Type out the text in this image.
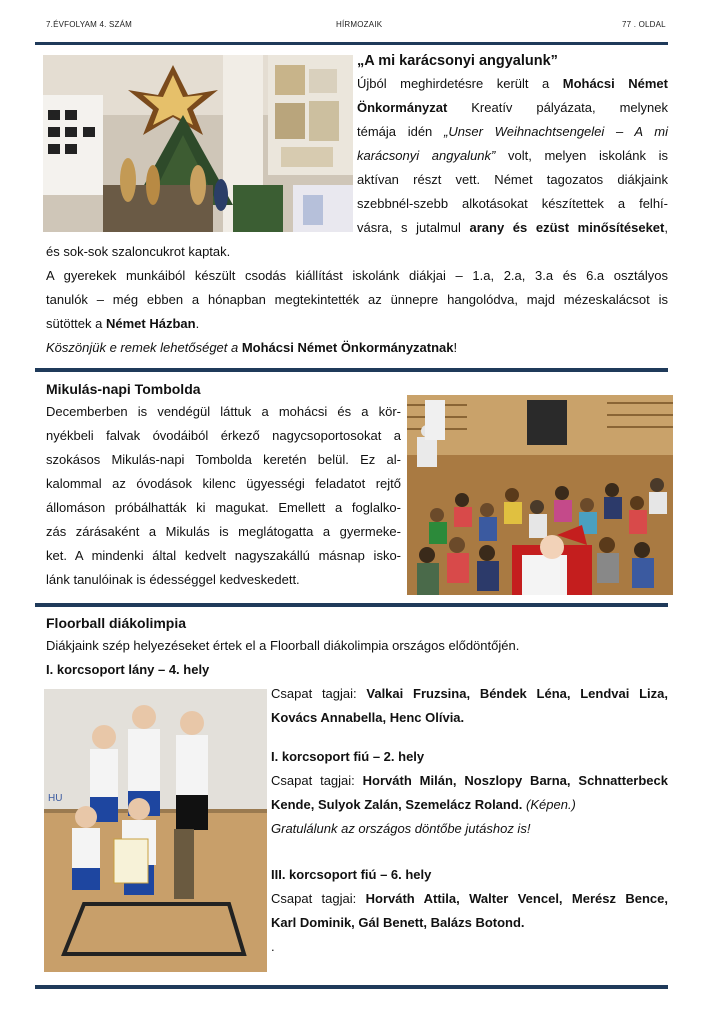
7.ÉVFOLYAM 4. SZÁM	HÍRMOZAIK	77 . OLDAL

„A mi karácsonyi angyalunk”

Újból meghirdetésre került a Mohácsi Német

Önkormányzat Kreatív pályázata, melynek

témája idén „Unser Weihnachtsengelei – A mi

karácsonyi angyalunk” volt, melyen iskolánk is

aktívan részt vett. Német tagozatos diákjaink

szebbnél-szebb alkotásokat készítettek a felhí-

vásra, s jutalmul arany és ezüst minősítéseket,

és sok-sok szaloncukrot kaptak.

A gyerekek munkáiból készült csodás kiállítást iskolánk diákjai – 1.a, 2.a, 3.a és 6.a osztályos

tanulók – még ebben a hónapban megtekintették az ünnepre hangolódva, majd mézeskalácsot is

sütöttek a Német Házban.

Köszönjük e remek lehetőséget a Mohácsi Német Önkormányzatnak!

Mikulás-napi Tombolda

Decemberben is vendégül láttuk a mohácsi és a kör-

nyékbeli falvak óvodáiból érkező nagycsoportosokat a

szokásos Mikulás-napi Tombolda keretén belül. Ez al-

kalommal az óvodások kilenc ügyességi feladatot rejtő

állomáson próbálhatták ki magukat. Emellett a foglalko-

zás zárásaként a Mikulás is meglátogatta a gyermeke-

ket. A mindenki által kedvelt nagyszakállú másnap isko-

lánk tanulóinak is édességgel kedveskedett.

Floorball diákolimpia

Diákjaink szép helyezéseket értek el a Floorball diákolimpia országos elődöntőjén.

I. korcsoport lány – 4. hely

HU

Csapat tagjai: Valkai Fruzsina, Béndek Léna, Lendvai Liza,

Kovács Annabella, Henc Olívia.

I. korcsoport fiú – 2. hely

Csapat tagjai: Horváth Milán, Noszlopy Barna, Schnatterbeck

Kende, Sulyok Zalán, Szemelácz Roland. (Képen.)

Gratulálunk az országos döntőbe jutáshoz is!

III. korcsoport fiú – 6. hely

Csapat tagjai: Horváth Attila, Walter Vencel, Merész Bence,

Karl Dominik, Gál Benett, Balázs Botond.

.
